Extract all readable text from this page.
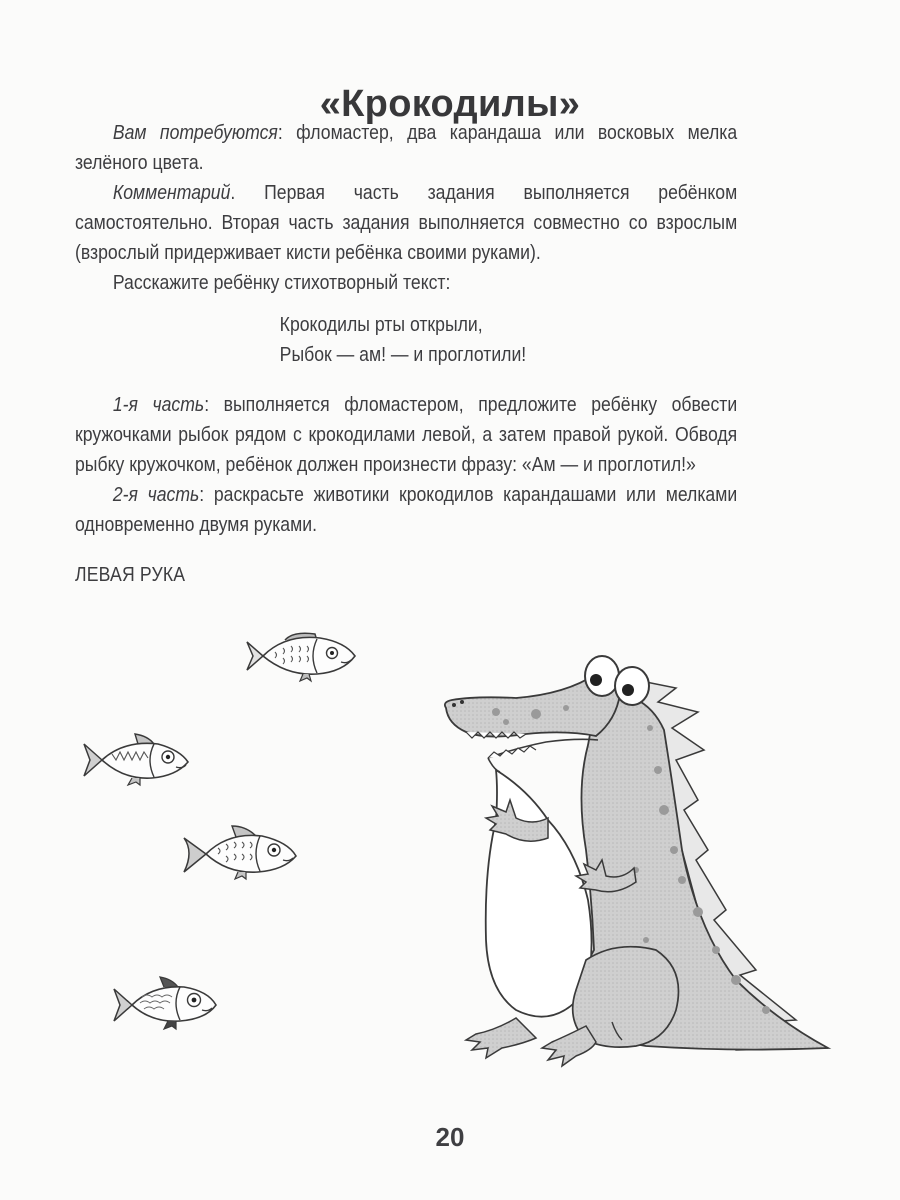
«Крокодилы»

Вам потребуются: фломастер, два карандаша или восковых мелка зелёного цвета.

Комментарий. Первая часть задания выполняется ребёнком самостоятельно. Вторая часть задания выполняется совместно со взрослым (взрослый придерживает кисти ребёнка своими руками).

Расскажите ребёнку стихотворный текст:

Крокодилы рты открыли,
Рыбок — ам! — и проглотили!

1-я часть: выполняется фломастером, предложите ребёнку обвести кружочками рыбок рядом с крокодилами левой, а затем правой рукой. Обводя рыбку кружочком, ребёнок должен произнести фразу: «Ам — и проглотил!»

2-я часть: раскрасьте животики крокодилов карандашами или мелками одновременно двумя руками.

ЛЕВАЯ РУКА

20
